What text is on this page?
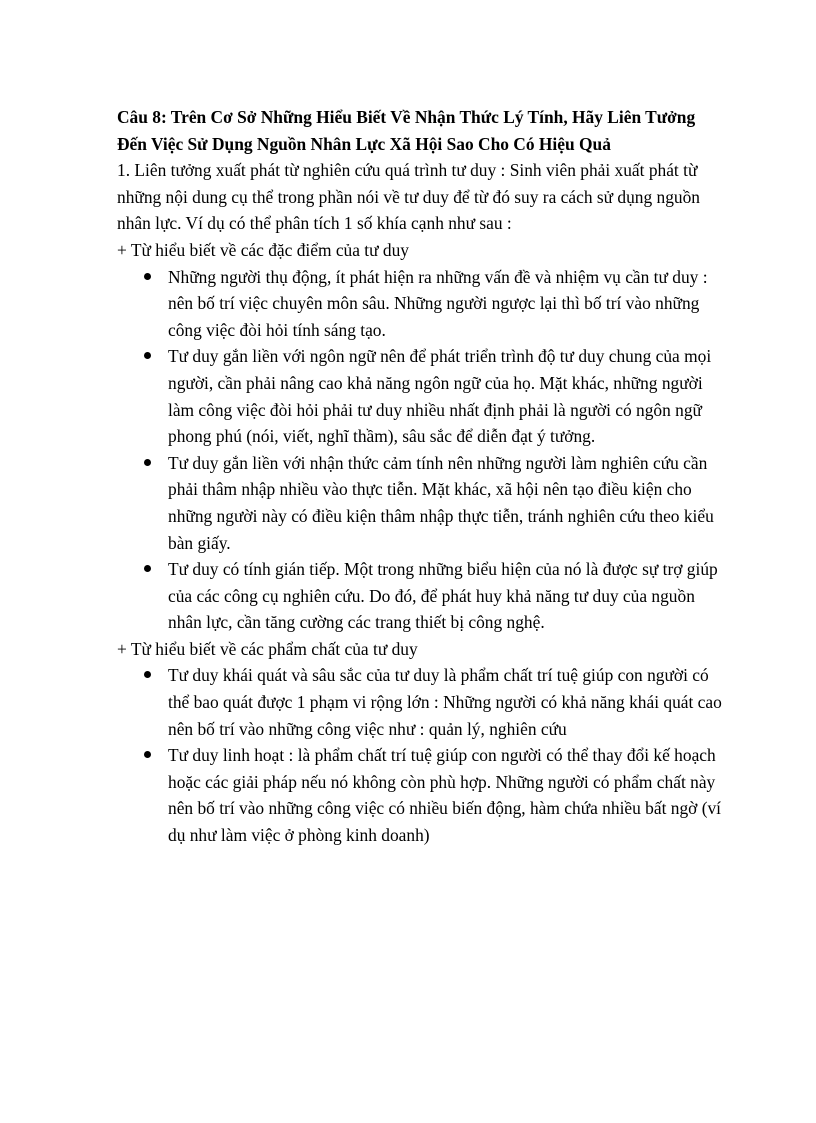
Câu 8: Trên Cơ Sở Những Hiểu Biết Về Nhận Thức Lý Tính, Hãy Liên Tưởng Đến Việc Sử Dụng Nguồn Nhân Lực Xã Hội Sao Cho Có Hiệu Quả

1. Liên tưởng xuất phát từ nghiên cứu quá trình tư duy : Sinh viên phải xuất phát từ những nội dung cụ thể trong phần nói về tư duy để từ đó suy ra cách sử dụng nguồn nhân lực. Ví dụ có thể phân tích 1 số khía cạnh như sau :

+ Từ hiểu biết về các đặc điểm của tư duy

Những người thụ động, ít phát hiện ra những vấn đề và nhiệm vụ cần tư duy : nên bố trí việc chuyên môn sâu. Những người ngược lại thì bố trí vào những công việc đòi hỏi tính sáng tạo.
Tư duy gắn liền với ngôn ngữ nên để phát triển trình độ tư duy chung của mọi người, cần phải nâng cao khả năng ngôn ngữ của họ. Mặt khác, những người làm công việc đòi hỏi phải tư duy nhiều nhất định phải là người có ngôn ngữ phong phú (nói, viết, nghĩ thầm), sâu sắc để diễn đạt ý tưởng.
Tư duy gắn liền với nhận thức cảm tính nên những người làm nghiên cứu cần phải thâm nhập nhiều vào thực tiễn. Mặt khác, xã hội nên tạo điều kiện cho những người này có điều kiện thâm nhập thực tiễn, tránh nghiên cứu theo kiểu bàn giấy.
Tư duy có tính gián tiếp. Một trong những biểu hiện của nó là được sự trợ giúp của các công cụ nghiên cứu. Do đó, để phát huy khả năng tư duy của nguồn nhân lực, cần tăng cường các trang thiết bị công nghệ.

+ Từ hiểu biết về các phẩm chất của tư duy

Tư duy khái quát và sâu sắc của tư duy là phẩm chất trí tuệ giúp con người có thể bao quát được 1 phạm vi rộng lớn : Những người có khả năng khái quát cao nên bố trí vào những công việc như : quản lý, nghiên cứu
Tư duy linh hoạt : là phẩm chất trí tuệ giúp con người có thể thay đổi kế hoạch hoặc các giải pháp nếu nó không còn phù hợp. Những người có phẩm chất này nên bố trí vào những công việc có nhiều biến động, hàm chứa nhiều bất ngờ (ví dụ như làm việc ở phòng kinh doanh)
